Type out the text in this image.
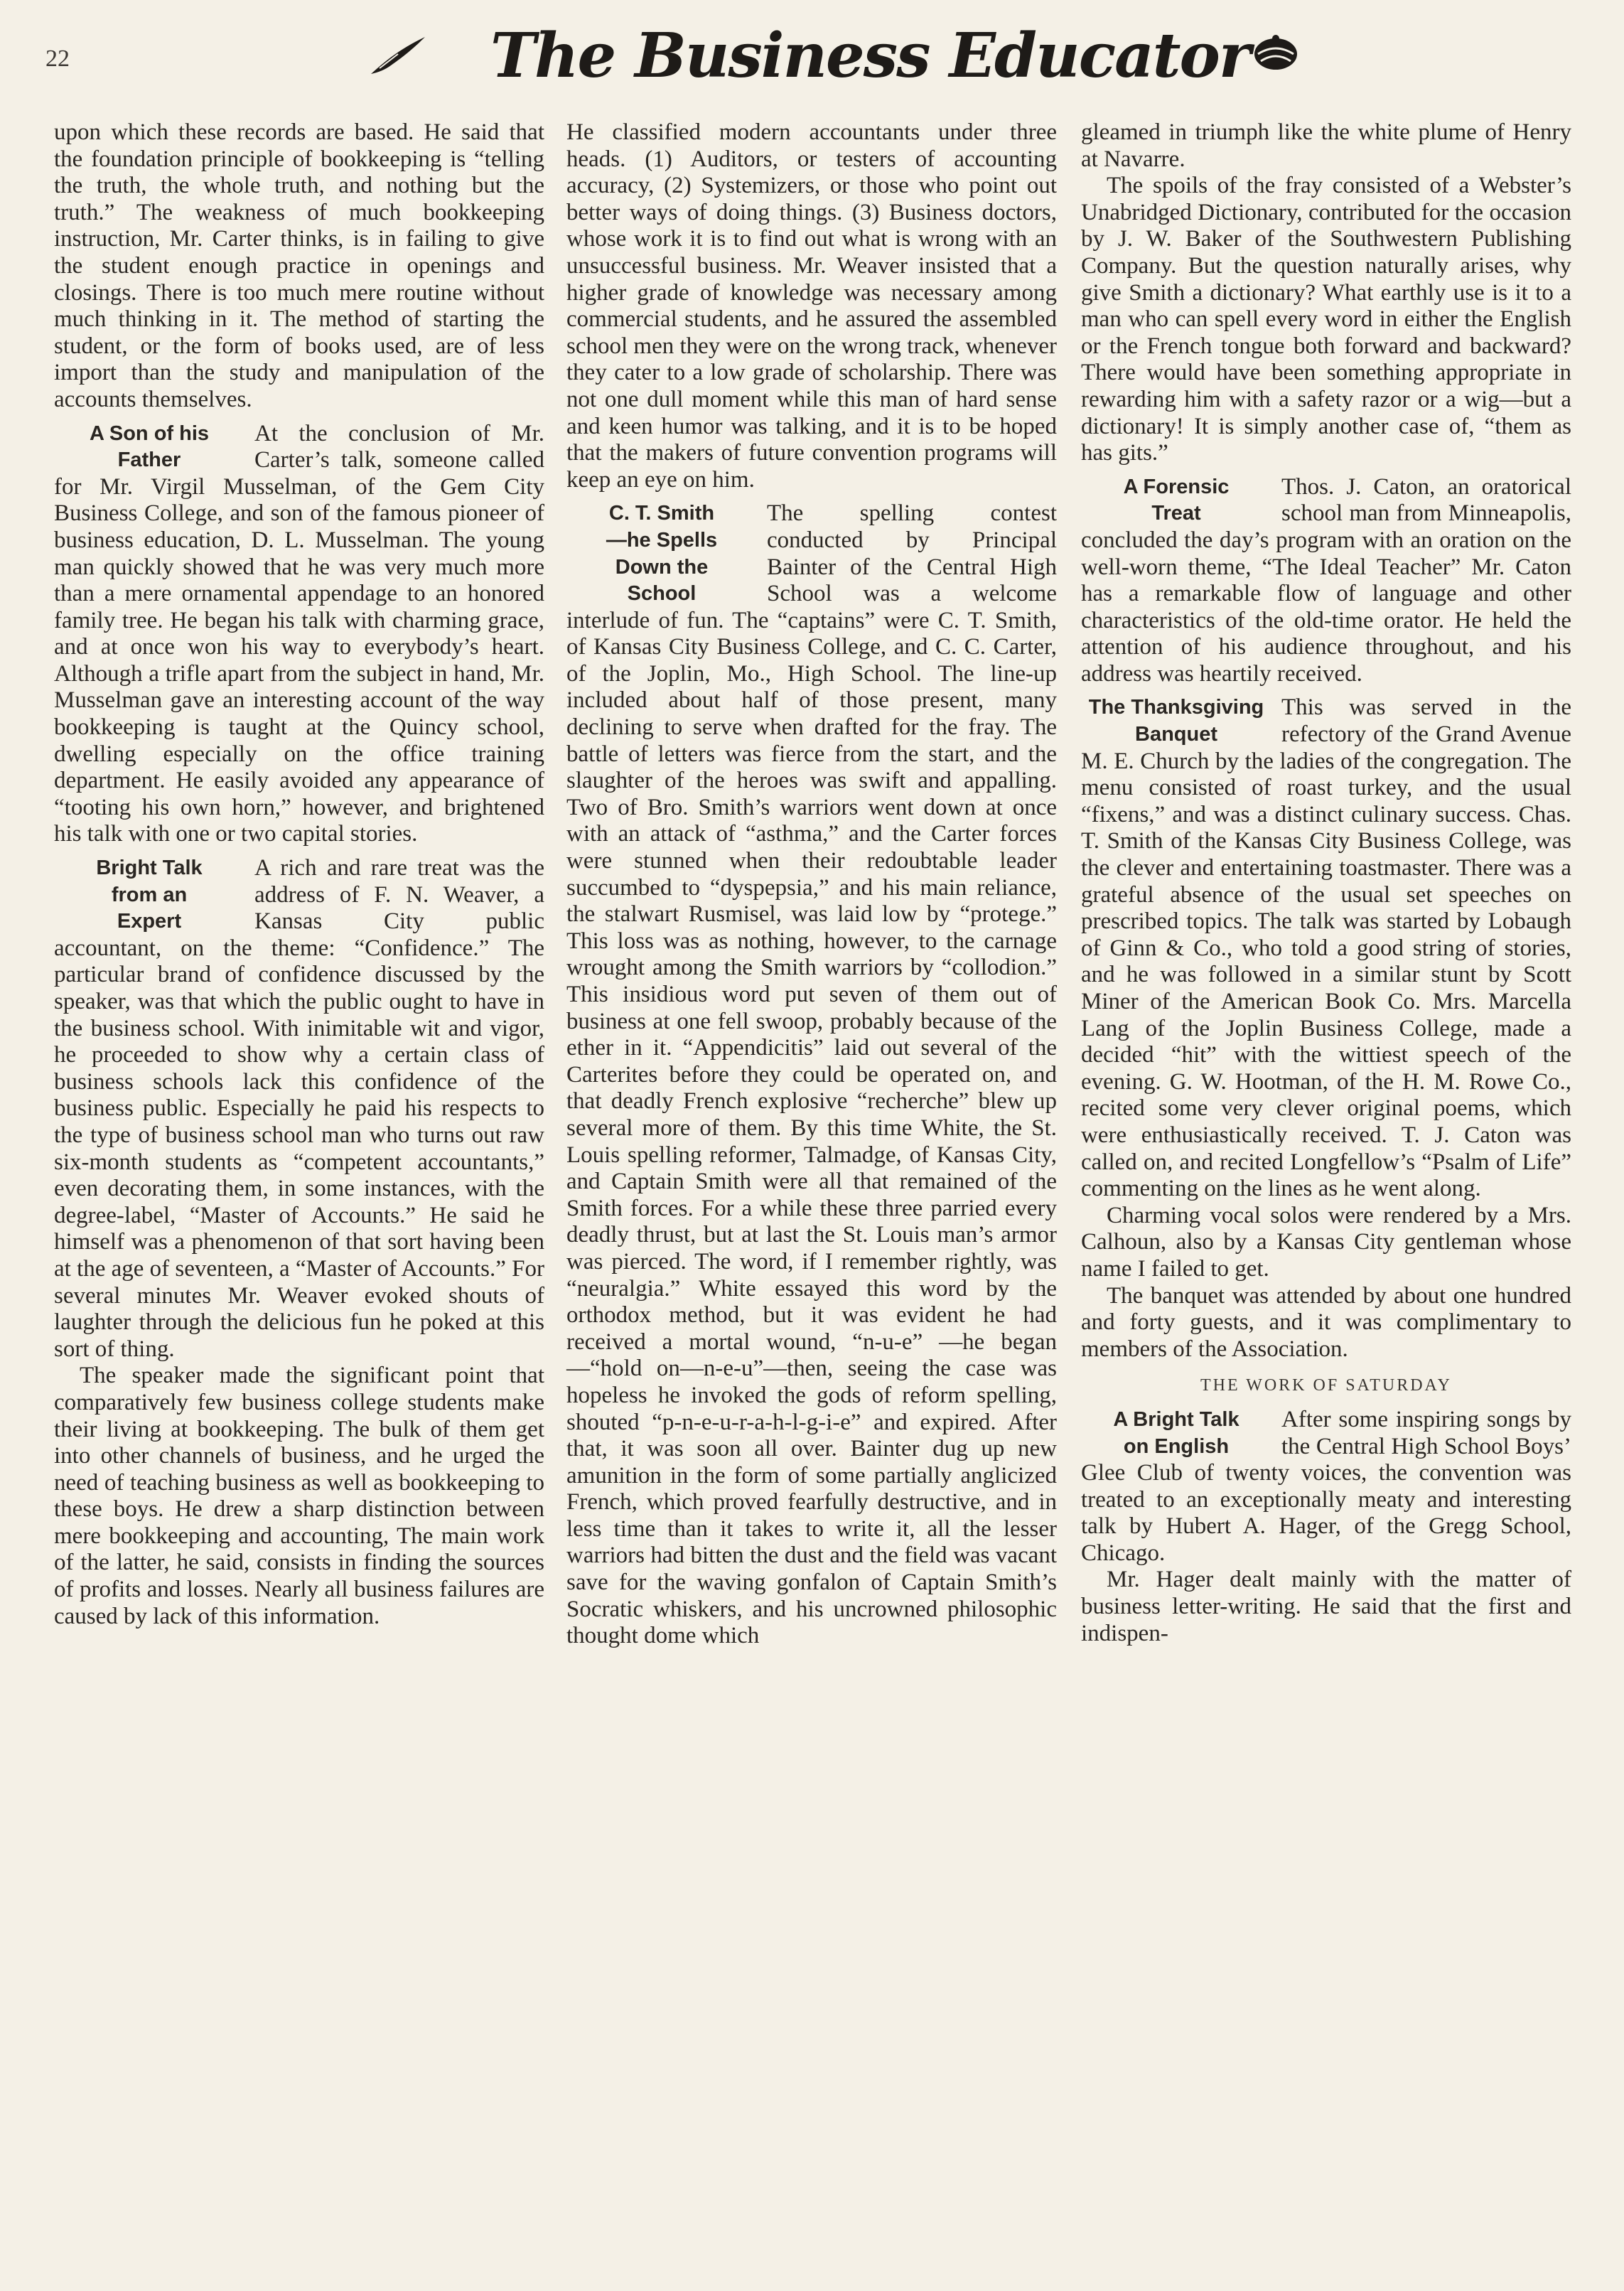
22	The Business Educator

upon which these records are based. He said that the foundation principle of bookkeeping is “telling the truth, the whole truth, and nothing but the truth.” The weakness of much bookkeeping instruction, Mr. Carter thinks, is in failing to give the student enough practice in openings and closings. There is too much mere routine without much thinking in it. The method of starting the student, or the form of books used, are of less import than the study and manipulation of the accounts themselves.

A Son of his
Father

At the conclusion of Mr. Carter’s talk, someone called for Mr. Virgil Musselman, of the Gem City Business College, and son of the famous pioneer of business education, D. L. Musselman. The young man quickly showed that he was very much more than a mere ornamental appendage to an honored family tree. He began his talk with charming grace, and at once won his way to everybody’s heart. Although a trifle apart from the subject in hand, Mr. Musselman gave an interesting account of the way bookkeeping is taught at the Quincy school, dwelling especially on the office training department. He easily avoided any appearance of “tooting his own horn,” however, and brightened his talk with one or two capital stories.

Bright Talk
from an
Expert

A rich and rare treat was the address of F. N. Weaver, a Kansas City public accountant, on the theme: “Confidence.” The particular brand of confidence discussed by the speaker, was that which the public ought to have in the business school. With inimitable wit and vigor, he proceeded to show why a certain class of business schools lack this confidence of the business public. Especially he paid his respects to the type of business school man who turns out raw six-month students as “competent accountants,” even decorating them, in some instances, with the degree-label, “Master of Accounts.” He said he himself was a phenomenon of that sort having been at the age of seventeen, a “Master of Accounts.” For several minutes Mr. Weaver evoked shouts of laughter through the delicious fun he poked at this sort of thing.

The speaker made the significant point that comparatively few business college students make their living at bookkeeping. The bulk of them get into other channels of business, and he urged the need of teaching business as well as bookkeeping to these boys. He drew a sharp distinction between mere bookkeeping and accounting, The main work of the latter, he said, consists in finding the sources of profits and losses. Nearly all business failures are caused by lack of this information.

He classified modern accountants under three heads. (1) Auditors, or testers of accounting accuracy, (2) Systemizers, or those who point out better ways of doing things. (3) Business doctors, whose work it is to find out what is wrong with an unsuccessful business. Mr. Weaver insisted that a higher grade of knowledge was necessary among commercial students, and he assured the assembled school men they were on the wrong track, whenever they cater to a low grade of scholarship. There was not one dull moment while this man of hard sense and keen humor was talking, and it is to be hoped that the makers of future convention programs will keep an eye on him.

C. T. Smith
—he Spells
Down the
School

The spelling contest conducted by Principal Bainter of the Central High School was a welcome interlude of fun. The “captains” were C. T. Smith, of Kansas City Business College, and C. C. Carter, of the Joplin, Mo., High School. The line-up included about half of those present, many declining to serve when drafted for the fray. The battle of letters was fierce from the start, and the slaughter of the heroes was swift and appalling. Two of Bro. Smith’s warriors went down at once with an attack of “asthma,” and the Carter forces were stunned when their redoubtable leader succumbed to “dyspepsia,” and his main reliance, the stalwart Rusmisel, was laid low by “protege.” This loss was as nothing, however, to the carnage wrought among the Smith warriors by “collodion.” This insidious word put seven of them out of business at one fell swoop, probably because of the ether in it. “Appendicitis” laid out several of the Carterites before they could be operated on, and that deadly French explosive “recherche” blew up several more of them. By this time White, the St. Louis spelling reformer, Talmadge, of Kansas City, and Captain Smith were all that remained of the Smith forces. For a while these three parried every deadly thrust, but at last the St. Louis man’s armor was pierced. The word, if I remember rightly, was “neuralgia.” White essayed this word by the orthodox method, but it was evident he had received a mortal wound, “n-u-e” —he began—“hold on—n-e-u”—then, seeing the case was hopeless he invoked the gods of reform spelling, shouted “p-n-e-u-r-a-h-l-g-i-e” and expired. After that, it was soon all over. Bainter dug up new amunition in the form of some partially anglicized French, which proved fearfully destructive, and in less time than it takes to write it, all the lesser warriors had bitten the dust and the field was vacant save for the waving gonfalon of Captain Smith’s Socratic whiskers, and his uncrowned philosophic thought dome which

gleamed in triumph like the white plume of Henry at Navarre.

The spoils of the fray consisted of a Webster’s Unabridged Dictionary, contributed for the occasion by J. W. Baker of the Southwestern Publishing Company. But the question naturally arises, why give Smith a dictionary? What earthly use is it to a man who can spell every word in either the English or the French tongue both forward and backward? There would have been something appropriate in rewarding him with a safety razor or a wig—but a dictionary! It is simply another case of, “them as has gits.”

A Forensic
Treat

Thos. J. Caton, an oratorical school man from Minneapolis, concluded the day’s program with an oration on the well-worn theme, “The Ideal Teacher” Mr. Caton has a remarkable flow of language and other characteristics of the old-time orator. He held the attention of his audience throughout, and his address was heartily received.

The Thanksgiving
Banquet

This was served in the refectory of the Grand Avenue M. E. Church by the ladies of the congregation. The menu consisted of roast turkey, and the usual “fixens,” and was a distinct culinary success. Chas. T. Smith of the Kansas City Business College, was the clever and entertaining toastmaster. There was a grateful absence of the usual set speeches on prescribed topics. The talk was started by Lobaugh of Ginn & Co., who told a good string of stories, and he was followed in a similar stunt by Scott Miner of the American Book Co. Mrs. Marcella Lang of the Joplin Business College, made a decided “hit” with the wittiest speech of the evening. G. W. Hootman, of the H. M. Rowe Co., recited some very clever original poems, which were enthusiastically received. T. J. Caton was called on, and recited Longfellow’s “Psalm of Life” commenting on the lines as he went along.

Charming vocal solos were rendered by a Mrs. Calhoun, also by a Kansas City gentleman whose name I failed to get.

The banquet was attended by about one hundred and forty guests, and it was complimentary to members of the Association.

THE WORK OF SATURDAY
A Bright Talk
on English

After some inspiring songs by the Central High School Boys’ Glee Club of twenty voices, the convention was treated to an exceptionally meaty and interesting talk by Hubert A. Hager, of the Gregg School, Chicago.

Mr. Hager dealt mainly with the matter of business letter-writing. He said that the first and indispen-
